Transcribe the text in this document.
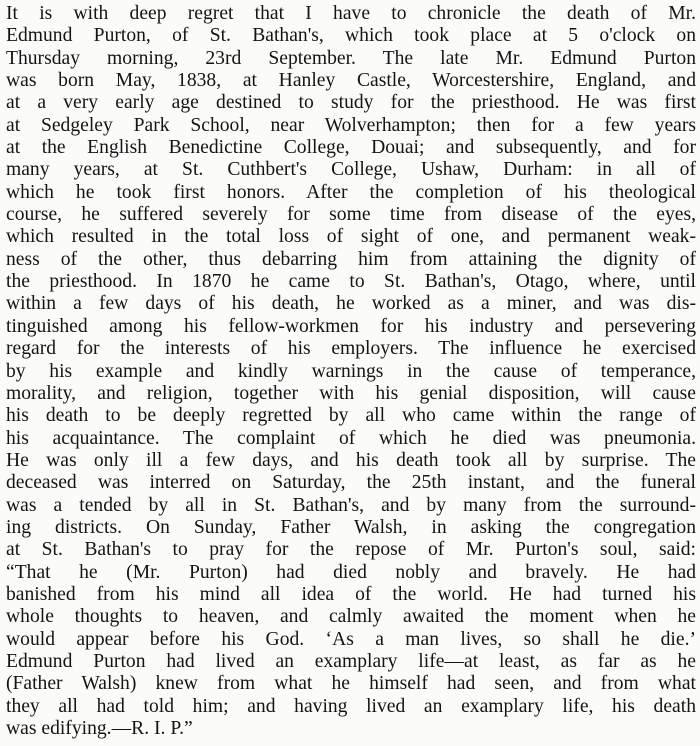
It is with deep regret that I have to chronicle the death of Mr.
Edmund Purton, of St. Bathan's, which took place at 5 o'clock on
Thursday morning, 23rd September. The late Mr. Edmund Purton
was born May, 1838, at Hanley Castle, Worcestershire, England, and
at a very early age destined to study for the priesthood. He was first
at Sedgeley Park School, near Wolverhampton; then for a few years
at the English Benedictine College, Douai; and subsequently, and for
many years, at St. Cuthbert's College, Ushaw, Durham: in all of
which he took first honors. After the completion of his theological
course, he suffered severely for some time from disease of the eyes,
which resulted in the total loss of sight of one, and permanent weak-
ness of the other, thus debarring him from attaining the dignity of
the priesthood. In 1870 he came to St. Bathan's, Otago, where, until
within a few days of his death, he worked as a miner, and was dis-
tinguished among his fellow-workmen for his industry and persevering
regard for the interests of his employers. The influence he exercised
by his example and kindly warnings in the cause of temperance,
morality, and religion, together with his genial disposition, will cause
his death to be deeply regretted by all who came within the range of
his acquaintance. The complaint of which he died was pneumonia.
He was only ill a few days, and his death took all by surprise. The
deceased was interred on Saturday, the 25th instant, and the funeral
was a tended by all in St. Bathan's, and by many from the surround-
ing districts. On Sunday, Father Walsh, in asking the congregation
at St. Bathan's to pray for the repose of Mr. Purton's soul, said:
“That he (Mr. Purton) had died nobly and bravely. He had
banished from his mind all idea of the world. He had turned his
whole thoughts to heaven, and calmly awaited the moment when he
would appear before his God. ‘As a man lives, so shall he die.’
Edmund Purton had lived an examplary life—at least, as far as he
(Father Walsh) knew from what he himself had seen, and from what
they all had told him; and having lived an examplary life, his death
was edifying.—R. I. P.”
